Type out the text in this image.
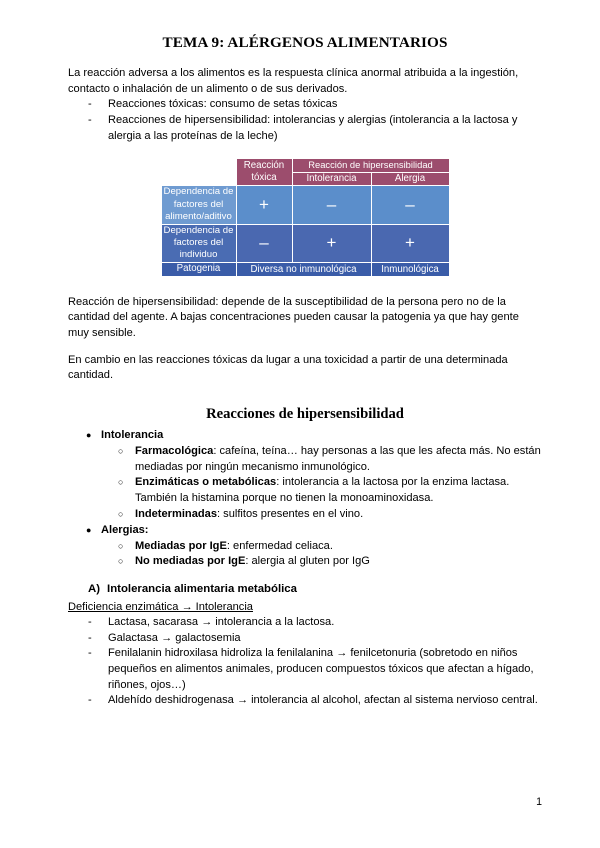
TEMA 9: ALÉRGENOS ALIMENTARIOS

La reacción adversa a los alimentos es la respuesta clínica anormal atribuida a la ingestión, contacto o inhalación de un alimento o de sus derivados.

- Reacciones tóxicas: consumo de setas tóxicas
- Reacciones de hipersensibilidad: intolerancias y alergias (intolerancia a la lactosa y alergia a las proteínas de la leche)
	Reacción tóxica	Reacción de hipersensibilidad	
		Intolerancia	Alergia
Dependencia de factores del alimento/aditivo	+	–	–
Dependencia de factores del individuo	–	+	+
Patogenia	Diversa no inmunológica		Inmunológica

Reacción de hipersensibilidad: depende de la susceptibilidad de la persona pero no de la cantidad del agente. A bajas concentraciones pueden causar la patogenia ya que hay gente muy sensible.

En cambio en las reacciones tóxicas da lugar a una toxicidad a partir de una determinada cantidad.

Reacciones de hipersensibilidad
● Intolerancia
○ Farmacológica: cafeína, teína… hay personas a las que les afecta más. No están mediadas por ningún mecanismo inmunológico.
○ Enzimáticas o metabólicas: intolerancia a la lactosa por la enzima lactasa. También la histamina porque no tienen la monoaminoxidasa.
○ Indeterminadas: sulfitos presentes en el vino.
● Alergias:
○ Mediadas por IgE: enfermedad celiaca.
○ No mediadas por IgE: alergia al gluten por IgG
A) Intolerancia alimentaria metabólica
Deficiencia enzimática → Intolerancia
- Lactasa, sacarasa → intolerancia a la lactosa.
- Galactasa → galactosemia
- Fenilalanin hidroxilasa hidroliza la fenilalanina → fenilcetonuria (sobretodo en niños pequeños en alimentos animales, producen compuestos tóxicos que afectan a hígado, riñones, ojos…)
- Aldehído deshidrogenasa → intolerancia al alcohol, afectan al sistema nervioso central.
1
